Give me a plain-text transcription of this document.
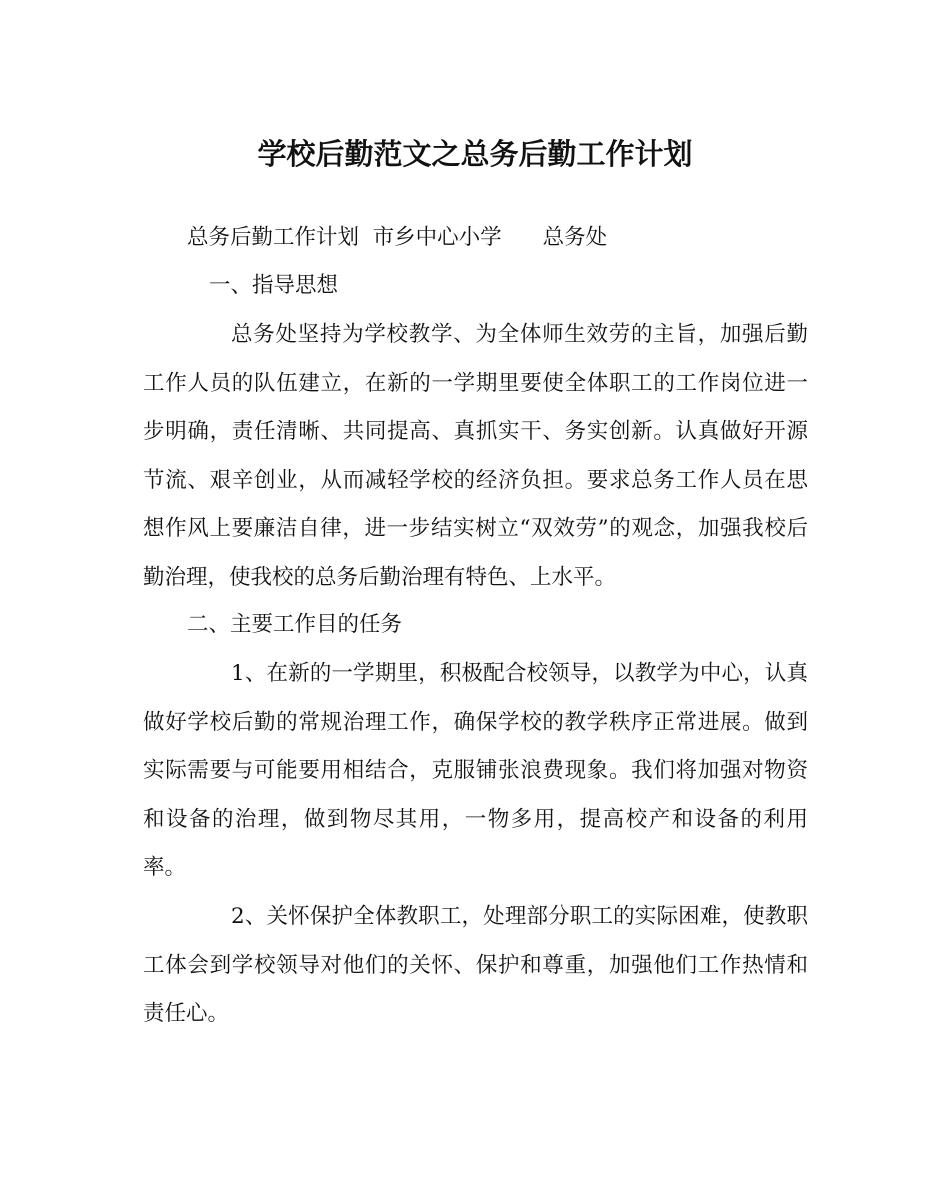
学校后勤范文之总务后勤工作计划
总务后勤工作计划  市乡中心小学      总务处
一、指导思想
总务处坚持为学校教学、为全体师生效劳的主旨，加强后勤工作人员的队伍建立，在新的一学期里要使全体职工的工作岗位进一步明确，责任清晰、共同提高、真抓实干、务实创新。认真做好开源节流、艰辛创业，从而减轻学校的经济负担。要求总务工作人员在思想作风上要廉洁自律，进一步结实树立“双效劳”的观念，加强我校后勤治理，使我校的总务后勤治理有特色、上水平。
二、主要工作目的任务
1、在新的一学期里，积极配合校领导，以教学为中心，认真做好学校后勤的常规治理工作，确保学校的教学秩序正常进展。做到实际需要与可能要用相结合，克服铺张浪费现象。我们将加强对物资和设备的治理，做到物尽其用，一物多用，提高校产和设备的利用率。
2、关怀保护全体教职工，处理部分职工的实际困难，使教职工体会到学校领导对他们的关怀、保护和尊重，加强他们工作热情和责任心。
